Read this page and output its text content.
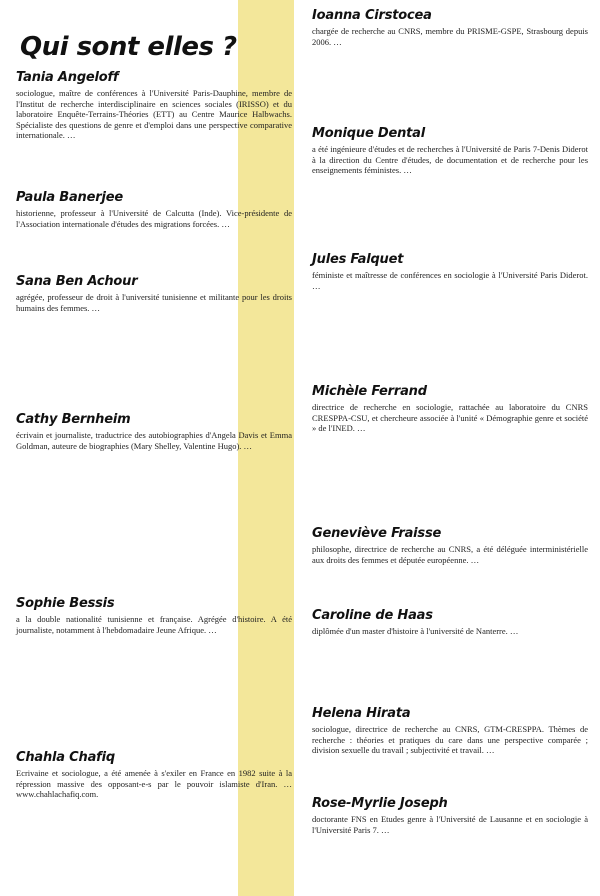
Qui sont elles ?
Tania Angeloff

sociologue, maître de conférences à l'Université Paris-Dauphine, membre de l'Institut de recherche interdisciplinaire en sciences sociales (IRISSO) et du laboratoire Enquête-Terrains-Théories (ETT) au Centre Maurice Halbwachs. Spécialiste des questions de genre et d'emploi dans une perspective comparative internationale. …

Paula Banerjee

historienne, professeur à l'Université de Calcutta (Inde). Vice-présidente de l'Association internationale d'études des migrations forcées. …

Sana Ben Achour

agrégée, professeur de droit à l'université tunisienne et militante pour les droits humains des femmes. …

Cathy Bernheim

écrivain et journaliste, traductrice des autobiographies d'Angela Davis et Emma Goldman, auteure de biographies (Mary Shelley, Valentine Hugo). …

Sophie Bessis

a la double nationalité tunisienne et française. Agrégée d'histoire. A été journaliste, notamment à l'hebdomadaire Jeune Afrique. …

Chahla Chafiq

Ecrivaine et sociologue, a été amenée à s'exiler en France en 1982 suite à la répression massive des opposant-e-s par le pouvoir islamiste d'Iran. … www.chahlachafiq.com.

Ioanna Cirstocea

chargée de recherche au CNRS, membre du PRISME-GSPE, Strasbourg depuis 2006. …

Monique Dental

a été ingénieure d'études et de recherches à l'Université de Paris 7-Denis Diderot à la direction du Centre d'études, de documentation et de recherche pour les enseignements féministes. …

Jules Falquet

féministe et maîtresse de conférences en sociologie à l'Université Paris Diderot. …

Michèle Ferrand

directrice de recherche en sociologie, rattachée au laboratoire du CNRS CRESPPA-CSU, et chercheure associée à l'unité « Démographie genre et société » de l'INED. …

Geneviève Fraisse

philosophe, directrice de recherche au CNRS, a été déléguée interministérielle aux droits des femmes et députée européenne. …

Caroline de Haas

diplômée d'un master d'histoire à l'université de Nanterre. …

Helena Hirata

sociologue, directrice de recherche au CNRS, GTM-CRESPPA. Thèmes de recherche : théories et pratiques du care dans une perspective comparée ; division sexuelle du travail ; subjectivité et travail. …

Rose-Myrlie Joseph

doctorante FNS en Etudes genre à l'Université de Lausanne et en sociologie à l'Université Paris 7. …
